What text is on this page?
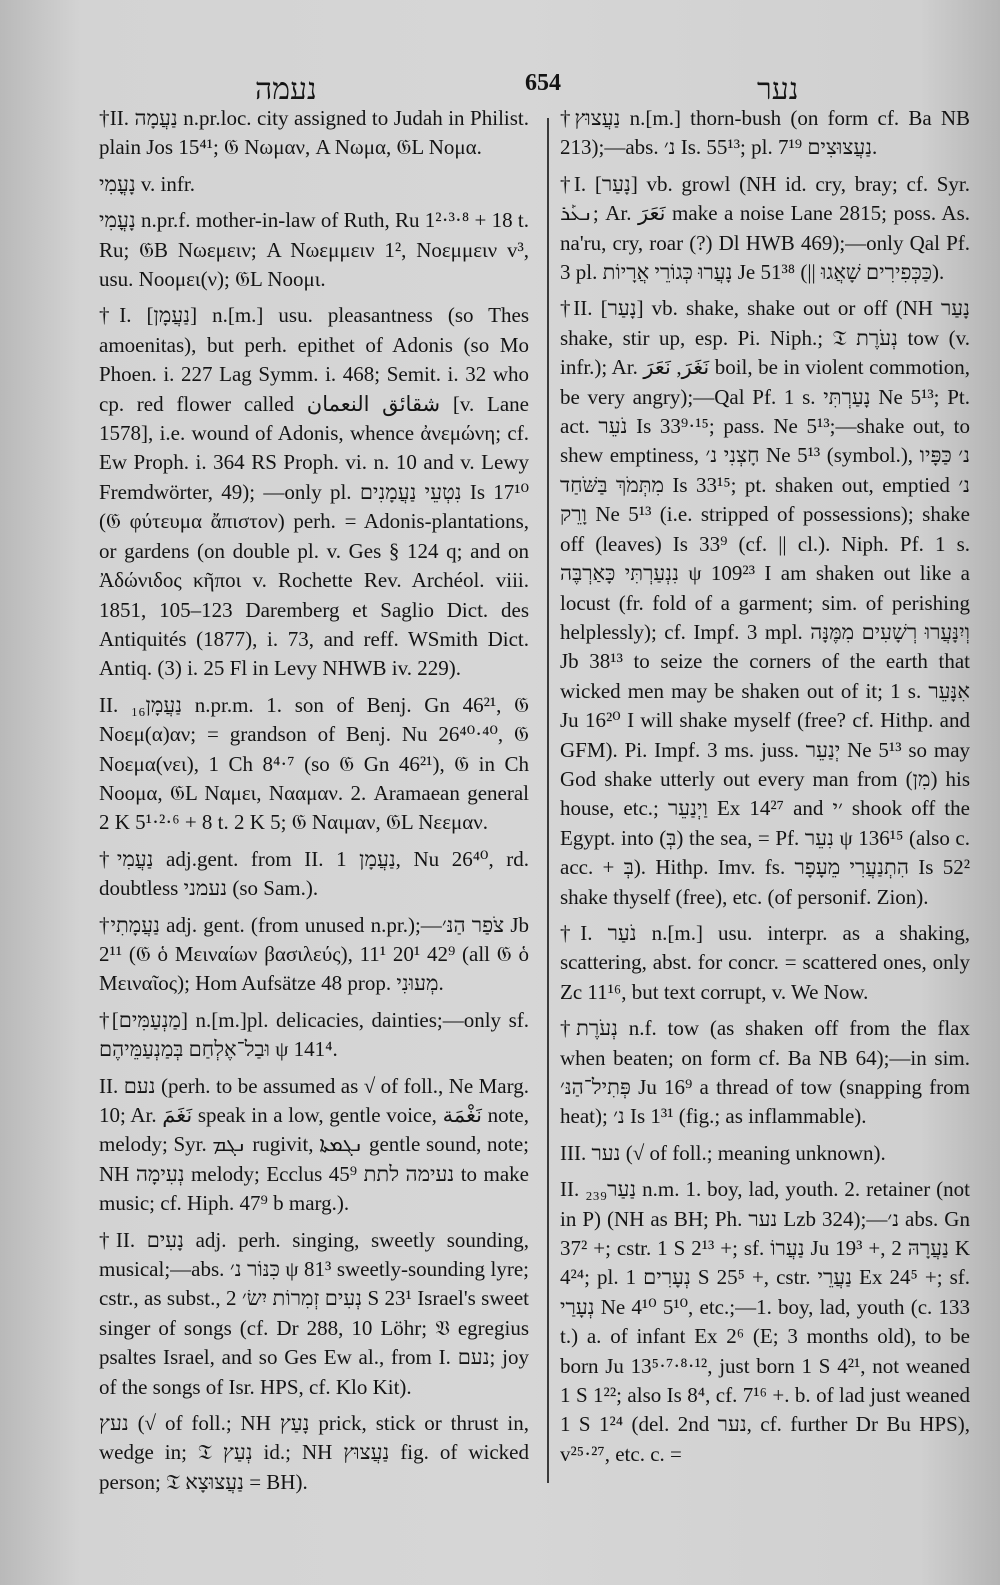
נעמה	654	נער

†II. נַעֲמָה n.pr.loc. city assigned to Judah in Philist. plain Jos 15⁴¹; 𝔊 Νωμαν, A Νωμα, 𝔊L Νομα.

נָעֳמִי v. infr.

נָעֳמִי n.pr.f. mother-in-law of Ruth, Ru 1²·³·⁸ + 18 t. Ru; 𝔊B Νωεμειν; A Νωεμμειν 1², Νοεμμειν v³, usu. Νοομει(ν); 𝔊L Νοομι.

†I. [נַעֲמָן] n.[m.] usu. pleasantness (so Thes amoenitas), but perh. epithet of Adonis (so Mo Phoen. i. 227 Lag Symm. i. 468; Semit. i. 32 who cp. red flower called شقائق النعمان [v. Lane 1578], i.e. wound of Adonis, whence ἀνεμώνη; cf. Ew Proph. i. 364 RS Proph. vi. n. 10 and v. Lewy Fremdwörter, 49); —only pl. נִטְעֵי נַעֲמָנִים Is 17¹⁰ (𝔊 φύτευμα ἄπιστον) perh. = Adonis-plantations, or gardens (on double pl. v. Ges § 124 q; and on Ἀδώνιδος κῆποι v. Rochette Rev. Archéol. viii. 1851, 105–123 Daremberg et Saglio Dict. des Antiquités (1877), i. 73, and reff. WSmith Dict. Antiq. (3) i. 25 Fl in Levy NHWB iv. 229).

II. נַעֲמָן₁₆ n.pr.m. 1. son of Benj. Gn 46²¹, 𝔊 Νοεμ(α)αν; = grandson of Benj. Nu 26⁴⁰·⁴⁰, 𝔊 Νοεμα(νει), 1 Ch 8⁴·⁷ (so 𝔊 Gn 46²¹), 𝔊 in Ch Νοομα, 𝔊L Ναμει, Νααμαν. 2. Aramaean general 2 K 5¹·²·⁶ + 8 t. 2 K 5; 𝔊 Ναιμαν, 𝔊L Νεεμαν.

†נַעֲמִי adj.gent. from II. נַעֲמָן 1, Nu 26⁴⁰, rd. doubtless נעמני (so Sam.).

†נַעֲמָתִי adj. gent. (from unused n.pr.);—צֹפַר הַנּ׳ Jb 2¹¹ (𝔊 ὁ Μειναίων βασιλεύς), 11¹ 20¹ 42⁹ (all 𝔊 ὁ Μειναῖος); Hom Aufsätze 48 prop. מְעוּנִי.

†[מַנְעַמִּים] n.[m.]pl. delicacies, dainties;—only sf. וּבַל־אֶלְחַם בְּמַנְעַמֵּיהֶם ψ 141⁴.

II. נעם (perh. to be assumed as √ of foll., Ne Marg. 10; Ar. نَغَمَ speak in a low, gentle voice, نَغْمَة note, melody; Syr. ܢܓܡ rugivit, ܢܓܡܬܐ gentle sound, note; NH נְעִימָה melody; Ecclus 45⁹ נעימה לתת to make music; cf. Hiph. 47⁹ b marg.).

†II. נָעִים adj. perh. singing, sweetly sounding, musical;—abs. כִּנּוֹר נ׳ ψ 81³ sweetly-sounding lyre; cstr., as subst., נְעִים זְמִרוֹת יִשׂ׳ 2 S 23¹ Israel's sweet singer of songs (cf. Dr 288, 10 Löhr; 𝔙 egregius psaltes Israel, and so Ges Ew al., from I. נעם; joy of the songs of Isr. HPS, cf. Klo Kit).

נעץ (√ of foll.; NH נָעַץ prick, stick or thrust in, wedge in; 𝔗 נְעַץ id.; NH נַעֲצוּץ fig. of wicked person; 𝔗 נַעֲצוּצָא = BH).

†נַעֲצוּץ n.[m.] thorn-bush (on form cf. Ba NB 213);—abs. נ׳ Is. 55¹³; pl. נַעֲצוּצִים 7¹⁹.

†I. [נָעַר] vb. growl (NH id. cry, bray; cf. Syr. ܢܥܰܪ; Ar. نَعَرَ make a noise Lane 2815; poss. As. na'ru, cry, roar (?) Dl HWB 469);—only Qal Pf. 3 pl. נָעֲרוּ כְּגוֹרֵי אֲרָיוֹת Je 51³⁸ (|| כַּכְּפִירִים שָׁאֲגוּ).

†II. [נָעַר] vb. shake, shake out or off (NH נָעַר shake, stir up, esp. Pi. Niph.; 𝔗 נְעֹרֶת tow (v. infr.); Ar. نَغَرَ, نَعَرَ boil, be in violent commotion, be very angry);—Qal Pf. 1 s. נָעַרְתִּי Ne 5¹³; Pt. act. נֹעֵר Is 33⁹·¹⁵; pass. Ne 5¹³;—shake out, to shew emptiness, חָצְנִי נ׳ Ne 5¹³ (symbol.), נ׳ כַּפָּיו מִתְּמֹךְ בַּשֹּׁחַד Is 33¹⁵; pt. shaken out, emptied נ׳ וָרֵק Ne 5¹³ (i.e. stripped of possessions); shake off (leaves) Is 33⁹ (cf. || cl.). Niph. Pf. 1 s. נִנְעַרְתִּי כָּאַרְבֶּה ψ 109²³ I am shaken out like a locust (fr. fold of a garment; sim. of perishing helplessly); cf. Impf. 3 mpl. וְיִנָּעֲרוּ רְשָׁעִים מִמֶּנָּה Jb 38¹³ to seize the corners of the earth that wicked men may be shaken out of it; 1 s. אִנָּעֵר Ju 16²⁰ I will shake myself (free? cf. Hithp. and GFM). Pi. Impf. 3 ms. juss. יְנַעֵר Ne 5¹³ so may God shake utterly out every man from (מִן) his house, etc.; וַיְנַעֵר Ex 14²⁷ and ׳י shook off the Egypt. into (בְּ) the sea, = Pf. נִעֵר ψ 136¹⁵ (also c. acc. + בְּ). Hithp. Imv. fs. הִתְנַעֲרִי מֵעָפָר Is 52² shake thyself (free), etc. (of personif. Zion).

†I. נֹעַר n.[m.] usu. interpr. as a shaking, scattering, abst. for concr. = scattered ones, only Zc 11¹⁶, but text corrupt, v. We Now.

†נְעֹרֶת n.f. tow (as shaken off from the flax when beaten; on form cf. Ba NB 64);—in sim. פְּתִיל־הַנּ׳ Ju 16⁹ a thread of tow (snapping from heat); נ׳ Is 1³¹ (fig.; as inflammable).

III. נער (√ of foll.; meaning unknown).

II. נַעַר₂₃₉ n.m. 1. boy, lad, youth. 2. retainer (not in P) (NH as BH; Ph. נער Lzb 324);—נ׳ abs. Gn 37² +; cstr. 1 S 2¹³ +; sf. נַעֲרוֹ Ju 19³ +, נַעֲרָהּ 2 K 4²⁴; pl. נְעָרִים 1 S 25⁵ +, cstr. נַעֲרֵי Ex 24⁵ +; sf. נְעָרַי Ne 4¹⁰ 5¹⁰, etc.;—1. boy, lad, youth (c. 133 t.) a. of infant Ex 2⁶ (E; 3 months old), to be born Ju 13⁵·⁷·⁸·¹², just born 1 S 4²¹, not weaned 1 S 1²²; also Is 8⁴, cf. 7¹⁶ +. b. of lad just weaned 1 S 1²⁴ (del. 2nd נער, cf. further Dr Bu HPS), v²⁵·²⁷, etc. c. =
